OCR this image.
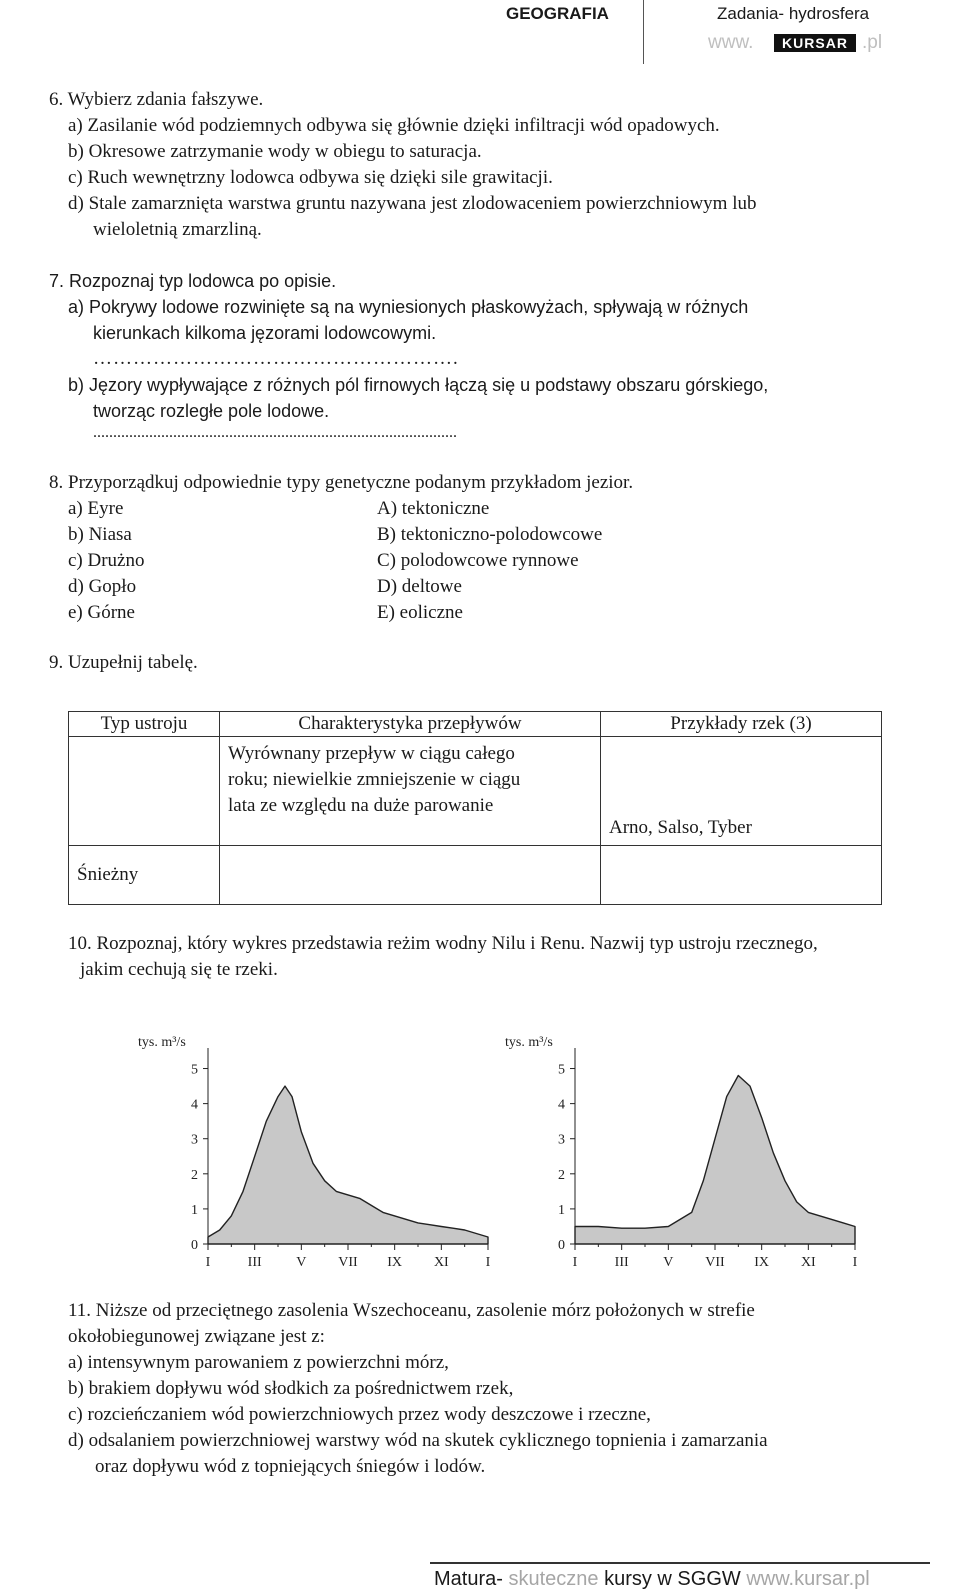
GEOGRAFIA	Zadania- hydrosfera
www.	KURSAR .pl
6. Wybierz zdania fałszywe.
a) Zasilanie wód podziemnych odbywa się głównie dzięki infiltracji wód opadowych.
b) Okresowe zatrzymanie wody w obiegu to saturacja.
c) Ruch wewnętrzny lodowca odbywa się dzięki sile grawitacji.
d) Stale zamarznięta warstwa gruntu nazywana jest zlodowaceniem powierzchniowym lub
wieloletnią zmarzliną.
7. Rozpoznaj typ lodowca po opisie.
a) Pokrywy lodowe rozwinięte są na wyniesionych płaskowyżach, spływają w różnych
kierunkach kilkoma jęzorami lodowcowymi.
……………………………………………….
b) Jęzory wypływające z różnych pól firnowych łączą się u podstawy obszaru górskiego,
tworząc rozległe pole lodowe.
...........................................................................................
8. Przyporządkuj odpowiednie typy genetyczne podanym przykładom jezior.
a) Eyre
b) Niasa
c) Drużno
d) Gopło
e) Górne
A) tektoniczne
B) tektoniczno-polodowcowe
C) polodowcowe rynnowe
D) deltowe
E) eoliczne
9. Uzupełnij tabelę.
Typ ustroju	Charakterystyka przepływów	Przykłady rzek (3)

	Wyrównany przepływ w ciągu całego
roku; niewielkie zmniejszenie w ciągu
lata ze względu na duże parowanie	Arno, Salso, Tyber

Śnieżny		

10. Rozpoznaj, który wykres przedstawia reżim wodny Nilu i Renu. Nazwij typ ustroju rzecznego,
jakim cechują się te rzeki.
tys. m³/s
0
1
2
3
4
5
I	III V VII IX XI	I
tys. m³/s
0
1
2
3
4
5
I	III V VII IX XI	I
11. Niższe od przeciętnego zasolenia Wszechoceanu, zasolenie mórz położonych w strefie
okołobiegunowej związane jest z:
a) intensywnym parowaniem z powierzchni mórz,
b) brakiem dopływu wód słodkich za pośrednictwem rzek,
c) rozcieńczaniem wód powierzchniowych przez wody deszczowe i rzeczne,
d) odsalaniem powierzchniowej warstwy wód na skutek cyklicznego topnienia i zamarzania
oraz dopływu wód z topniejących śniegów i lodów.
Matura- skuteczne kursy w SGGW www.kursar.pl
